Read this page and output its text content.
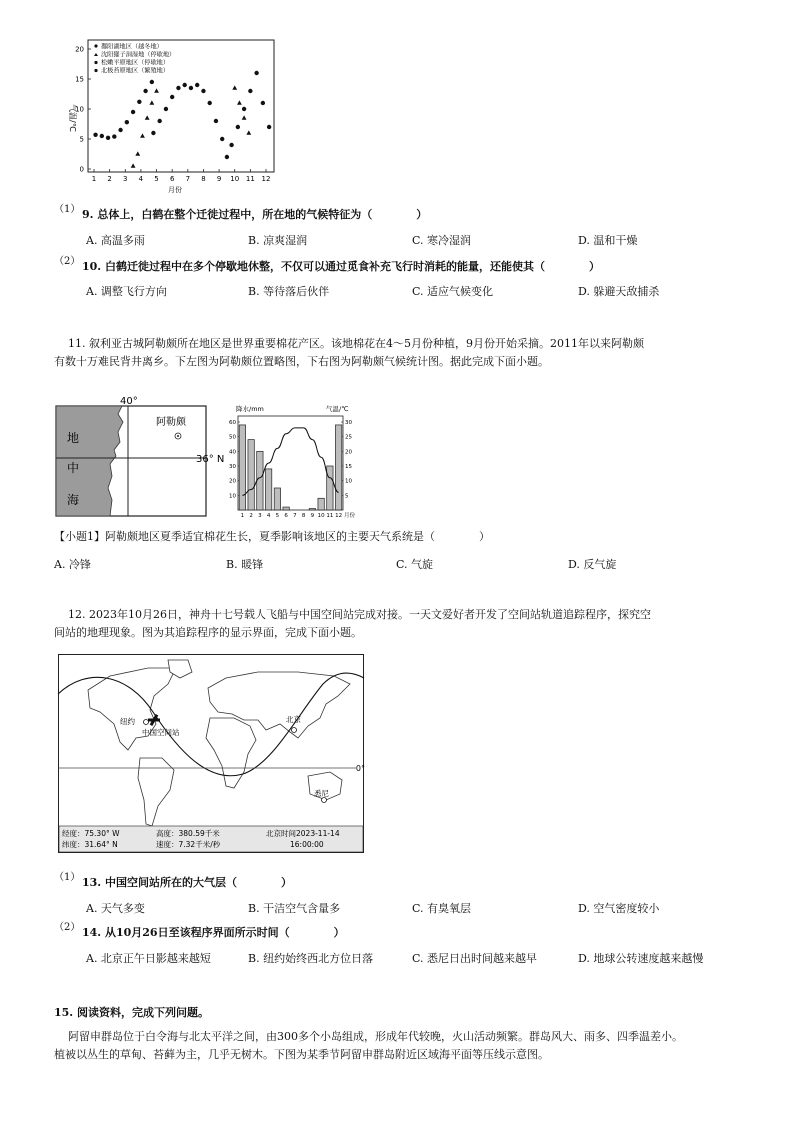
20
15
10
5
0
1 2 3 4 5 6 7 8 9 10 11 12
气温/℃
月份
鄱阳湖地区（越冬地）
沈阳獾子洞湿地（停歇地）
松嫩平原地区（停歇地）
北极苔原地区（繁殖地）
（1） 9. 总体上，白鹤在整个迁徙过程中，所在地的气候特征为（　　　　）
A. 高温多雨	B. 凉爽湿润	C. 寒冷湿润	D. 温和干燥
（2） 10. 白鹤迁徙过程中在多个停歇地休整，不仅可以通过觅食补充飞行时消耗的能量，还能使其（　　　　）
A. 调整飞行方向	B. 等待落后伙伴	C. 适应气候变化	D. 躲避天敌捕杀
11. 叙利亚古城阿勒颇所在地区是世界重要棉花产区。该地棉花在4～5月份种植，9月份开始采摘。2011年以来阿勒颇
有数十万难民背井离乡。下左图为阿勒颇位置略图，下右图为阿勒颇气候统计图。据此完成下面小题。
40°
阿勒颇
36° N
地
中
海
降水/mm	气温/℃
60
50
40
30
20
10
30
25
20
15
10
5
1 2 3 4 5 6 7 8 9 10 11 12 月份
【小题1】阿勒颇地区夏季适宜棉花生长，夏季影响该地区的主要天气系统是（　　　　）
A. 冷锋	B. 暖锋	C. 气旋	D. 反气旋
12. 2023年10月26日，神舟十七号载人飞船与中国空间站完成对接。一天文爱好者开发了空间站轨道追踪程序，探究空
间站的地理现象。图为其追踪程序的显示界面，完成下面小题。
0°
纽约
中国空间站
北京
悉尼
经度：75.30° W
纬度：31.64° N
高度：380.59千米
速度：7.32千米/秒
北京时间2023-11-14
16:00:00
（1） 13. 中国空间站所在的大气层（　　　　）
A. 天气多变	B. 干洁空气含量多	C. 有臭氧层	D. 空气密度较小
（2） 14. 从10月26日至该程序界面所示时间（　　　　）
A. 北京正午日影越来越短	B. 纽约始终西北方位日落	C. 悉尼日出时间越来越早	D. 地球公转速度越来越慢
15. 阅读资料，完成下列问题。
阿留申群岛位于白令海与北太平洋之间，由300多个小岛组成，形成年代较晚，火山活动频繁。群岛风大、雨多、四季温差小。
植被以丛生的草甸、苔藓为主，几乎无树木。下图为某季节阿留申群岛附近区域海平面等压线示意图。
